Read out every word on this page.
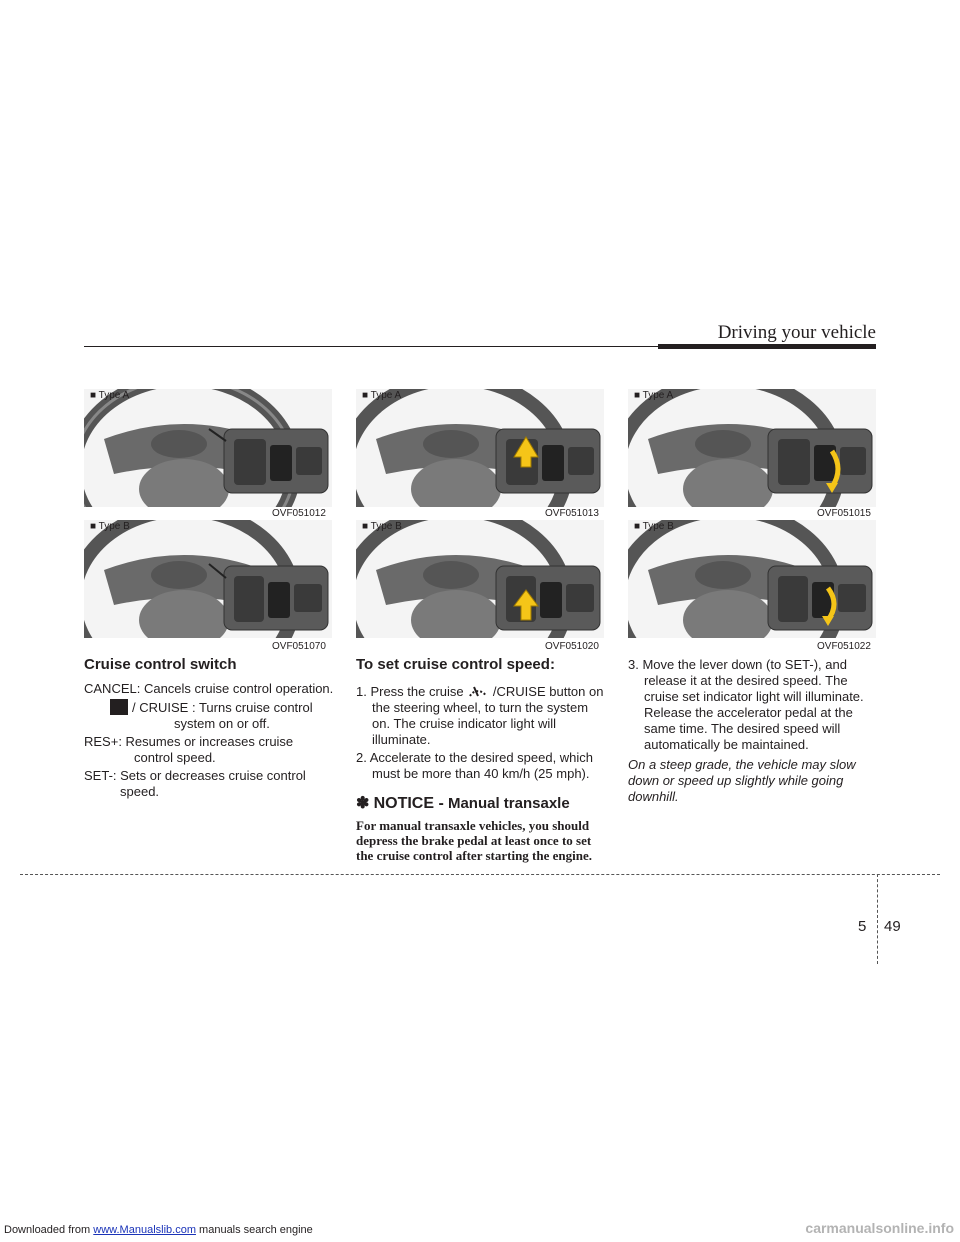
Driving your vehicle
■ Type A
OVF051012
■ Type B
OVF051070
■ Type A
OVF051013
■ Type B
OVF051020
■ Type A
OVF051015
■ Type B
OVF051022
Cruise control switch
CANCEL: Cancels cruise control operation.
/ CRUISE : Turns cruise control system on or off.
RES+: Resumes or increases cruise control speed.
SET-: Sets or decreases cruise control speed.
To set cruise control speed:
1. Press the cruise /CRUISE button on the steering wheel, to turn the system on. The cruise indicator light will illuminate.
2. Accelerate to the desired speed, which must be more than 40 km/h (25 mph).
✽ NOTICE - Manual transaxle
For manual transaxle vehicles, you should depress the brake pedal at least once to set the cruise control after starting the engine.
3. Move the lever down (to SET-), and release it at the desired speed. The cruise set indicator light will illuminate. Release the accelerator pedal at the same time. The desired speed will automatically be maintained.
On a steep grade, the vehicle may slow down or speed up slightly while going downhill.
5 49
Downloaded from www.Manualslib.com manuals search engine	carmanualsonline.info
